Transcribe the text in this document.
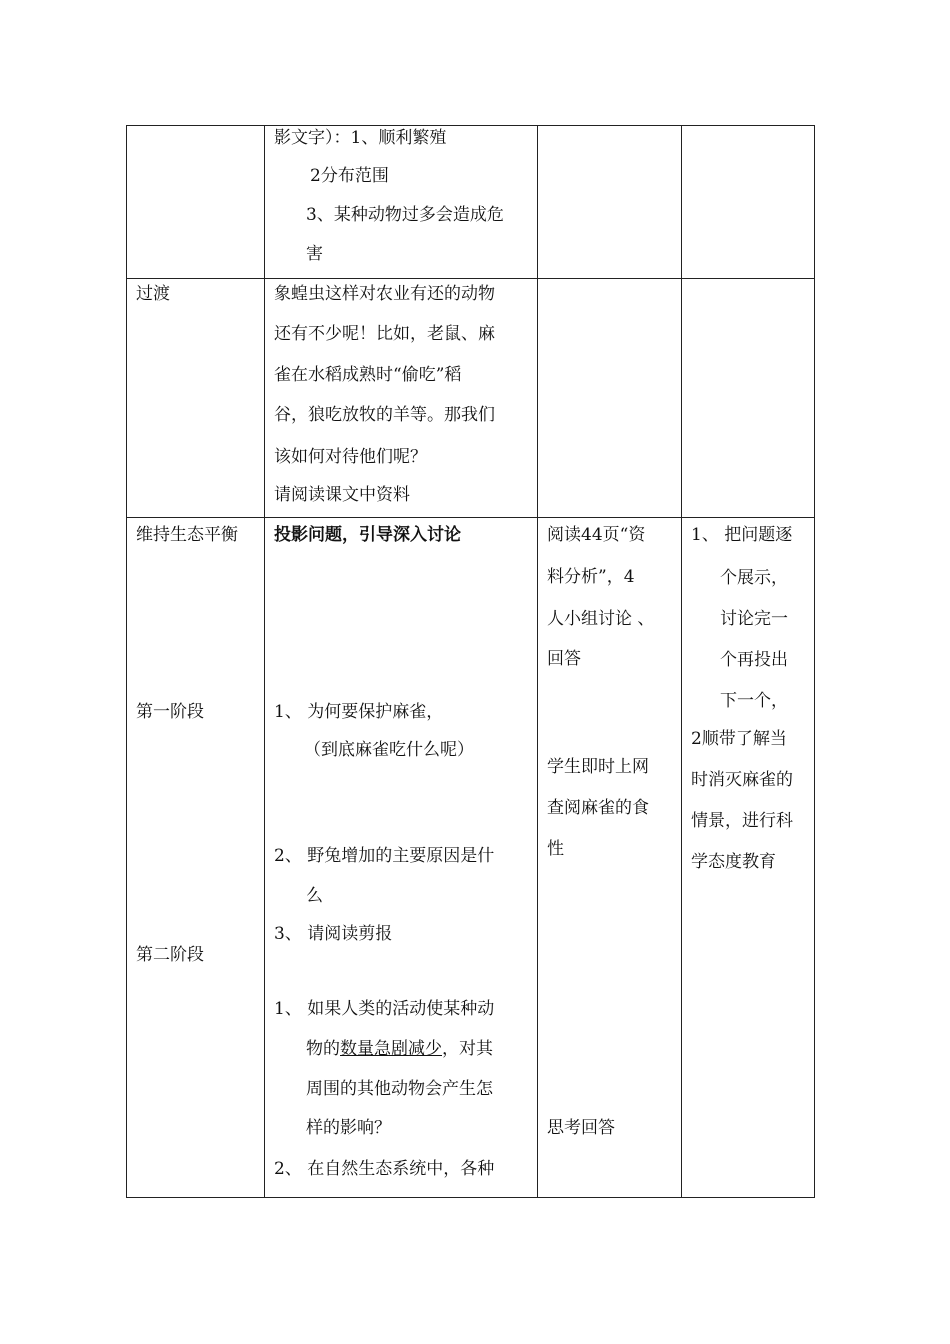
影文字）：1、顺利繁殖
2分布范围
3、某种动物过多会造成危
害
过渡	象蝗虫这样对农业有还的动物
还有不少呢！比如，老鼠、麻
雀在水稻成熟时“偷吃”稻
谷，狼吃放牧的羊等。那我们
该如何对待他们呢？
请阅读课文中资料
维持生态平衡
第一阶段
第二阶段
投影问题，引导深入讨论
1、 为何要保护麻雀，
（到底麻雀吃什么呢）
2、 野兔增加的主要原因是什
么
3、 请阅读剪报
1、 如果人类的活动使某种动
物的数量急剧减少，对其
周围的其他动物会产生怎
样的影响？
2、 在自然生态系统中，各种
阅读44页“资
料分析”，4
人小组讨论 、
回答
学生即时上网
查阅麻雀的食
性
思考回答
1、 把问题逐
个展示，
讨论完一
个再投出
下一个，
2顺带了解当
时消灭麻雀的
情景，进行科
学态度教育
